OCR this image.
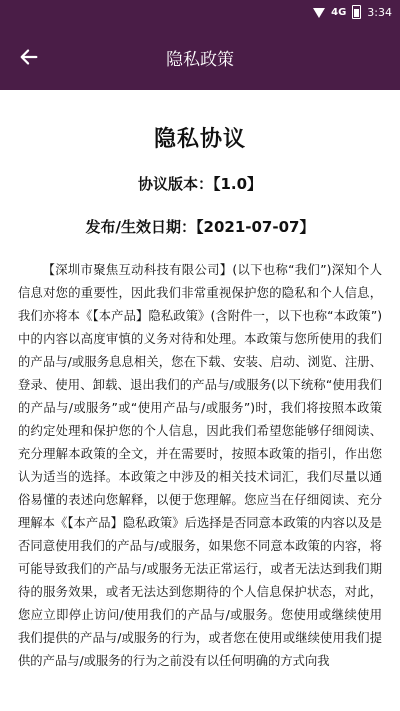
4G 3:34
隐私政策
隐私协议
协议版本：【1.0】
发布/生效日期：【2021-07-07】
【深圳市聚焦互动科技有限公司】(以下也称“我们”)深知个人信息对您的重要性，因此我们非常重视保护您的隐私和个人信息，我们亦将本《【本产品】隐私政策》(含附件一，以下也称“本政策”)中的内容以高度审慎的义务对待和处理。本政策与您所使用的我们的产品与/或服务息息相关，您在下载、安装、启动、浏览、注册、登录、使用、卸载、退出我们的产品与/或服务(以下统称“使用我们的产品与/或服务”或“使用产品与/或服务”)时，我们将按照本政策的约定处理和保护您的个人信息，因此我们希望您能够仔细阅读、充分理解本政策的全文，并在需要时，按照本政策的指引，作出您认为适当的选择。本政策之中涉及的相关技术词汇，我们尽量以通俗易懂的表述向您解释，以便于您理解。您应当在仔细阅读、充分理解本《【本产品】隐私政策》后选择是否同意本政策的内容以及是否同意使用我们的产品与/或服务，如果您不同意本政策的内容，将可能导致我们的产品与/或服务无法正常运行，或者无法达到我们期待的服务效果，或者无法达到您期待的个人信息保护状态，对此，您应立即停止访问/使用我们的产品与/或服务。您使用或继续使用我们提供的产品与/或服务的行为，或者您在使用或继续使用我们提供的产品与/或服务的行为之前没有以任何明确的方式向我
